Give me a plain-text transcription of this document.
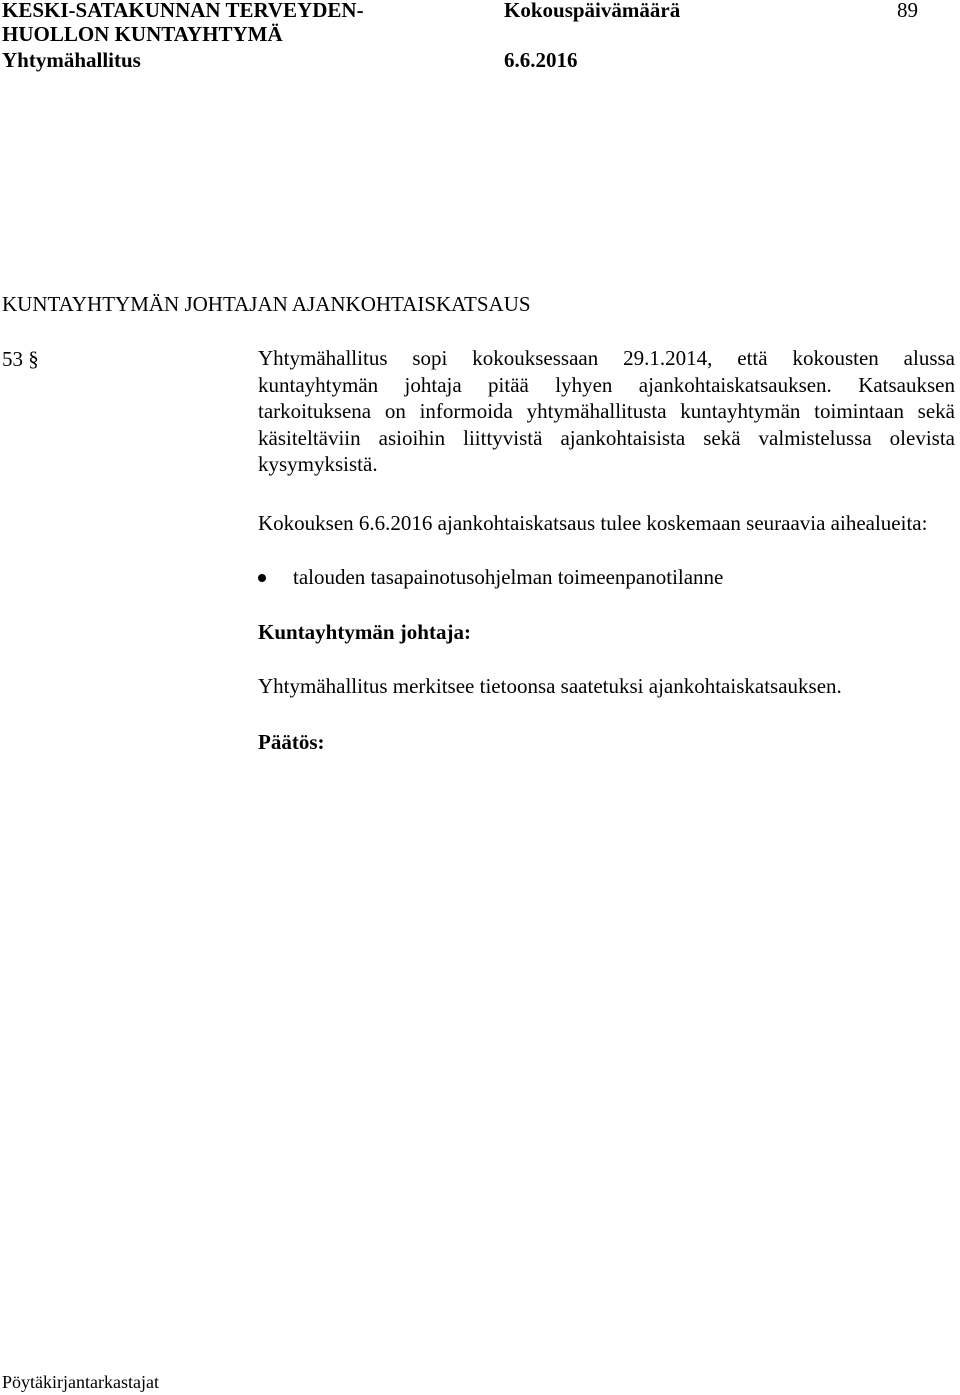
KESKI-SATAKUNNAN TERVEYDEN-
HUOLLON KUNTAYHTYMÄ
Yhtymähallitus
Kokouspäivämäärä
6.6.2016
89
KUNTAYHTYMÄN JOHTAJAN AJANKOHTAISKATSAUS
53 §	Yhtymähallitus sopi kokouksessaan 29.1.2014, että kokousten alussa kuntayhtymän johtaja pitää lyhyen ajankohtaiskatsauksen. Katsauksen tarkoituksena on informoida yhtymähallitusta kuntayhtymän toimintaan sekä käsiteltäviin asioihin liittyvistä ajankohtaisista sekä valmistelussa olevista kysymyksistä.

Kokouksen 6.6.2016 ajankohtaiskatsaus tulee koskemaan seuraavia aihealueita:

talouden tasapainotusohjelman toimeenpanotilanne
Kuntayhtymän johtaja:
Yhtymähallitus merkitsee tietoonsa saatetuksi ajankohtaiskatsauksen.
Päätös:
Pöytäkirjantarkastajat
